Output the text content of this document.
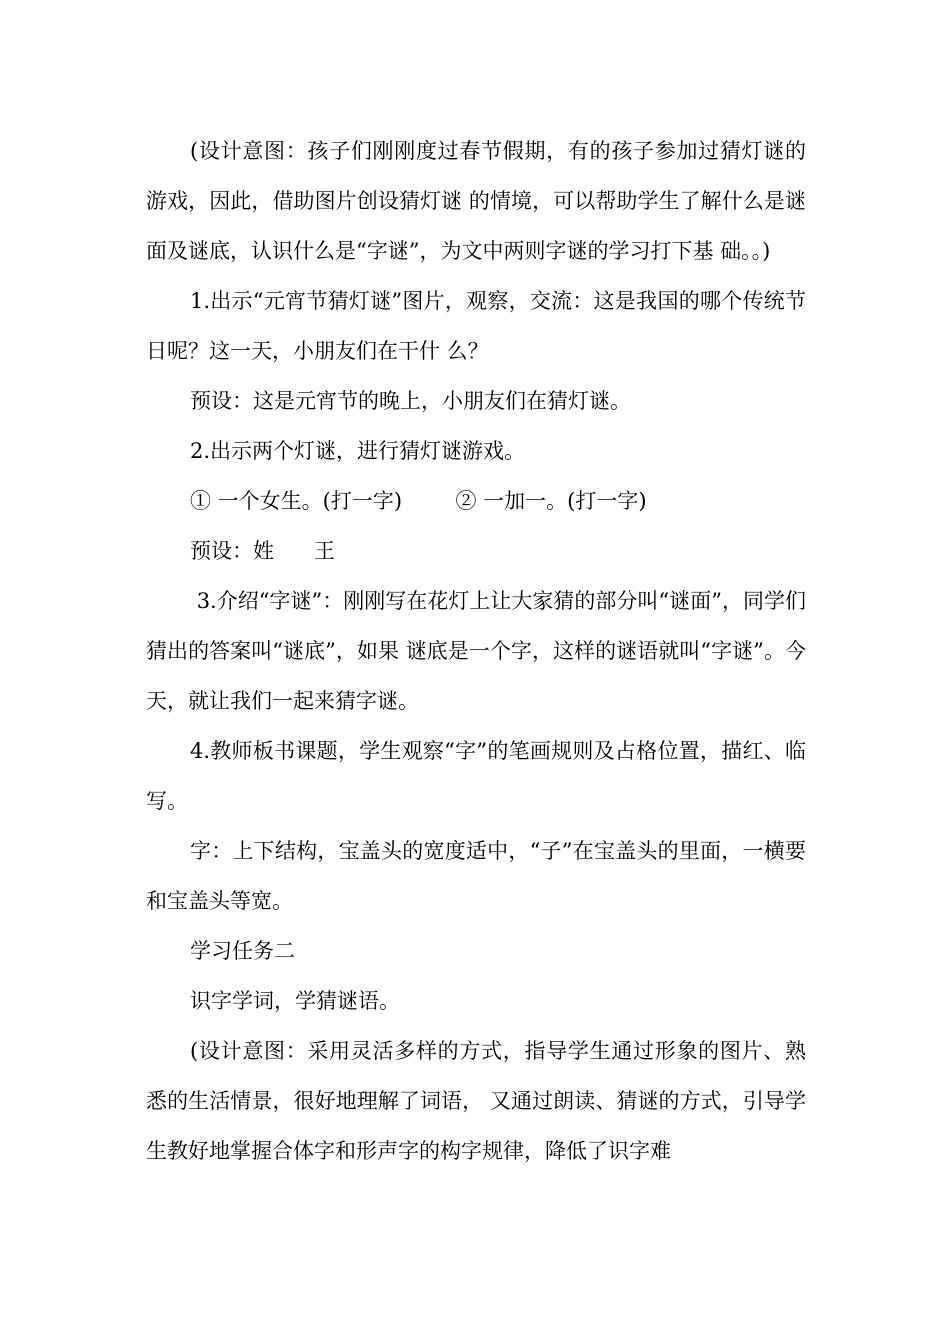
(设计意图：孩子们刚刚度过春节假期，有的孩子参加过猜灯谜的游戏，因此，借助图片创设猜灯谜 的情境，可以帮助学生了解什么是谜面及谜底，认识什么是“字谜”，为文中两则字谜的学习打下基 础。。)

1.出示“元宵节猜灯谜”图片，观察，交流：这是我国的哪个传统节日呢？这一天，小朋友们在干什 么？

预设：这是元宵节的晚上，小朋友们在猜灯谜。

2.出示两个灯谜，进行猜灯谜游戏。

① 一个女生。(打一字)        ② 一加一。(打一字)

预设：姓      王

3.介绍“字谜”：刚刚写在花灯上让大家猜的部分叫“谜面”，同学们猜出的答案叫“谜底”，如果 谜底是一个字，这样的谜语就叫“字谜”。今天，就让我们一起来猜字谜。

4.教师板书课题，学生观察“字”的笔画规则及占格位置，描红、临写。

字：上下结构，宝盖头的宽度适中，“子”在宝盖头的里面，一横要和宝盖头等宽。

学习任务二

识字学词，学猜谜语。

(设计意图：采用灵活多样的方式，指导学生通过形象的图片、熟悉的生活情景，很好地理解了词语， 又通过朗读、猜谜的方式，引导学生教好地掌握合体字和形声字的构字规律，降低了识字难
